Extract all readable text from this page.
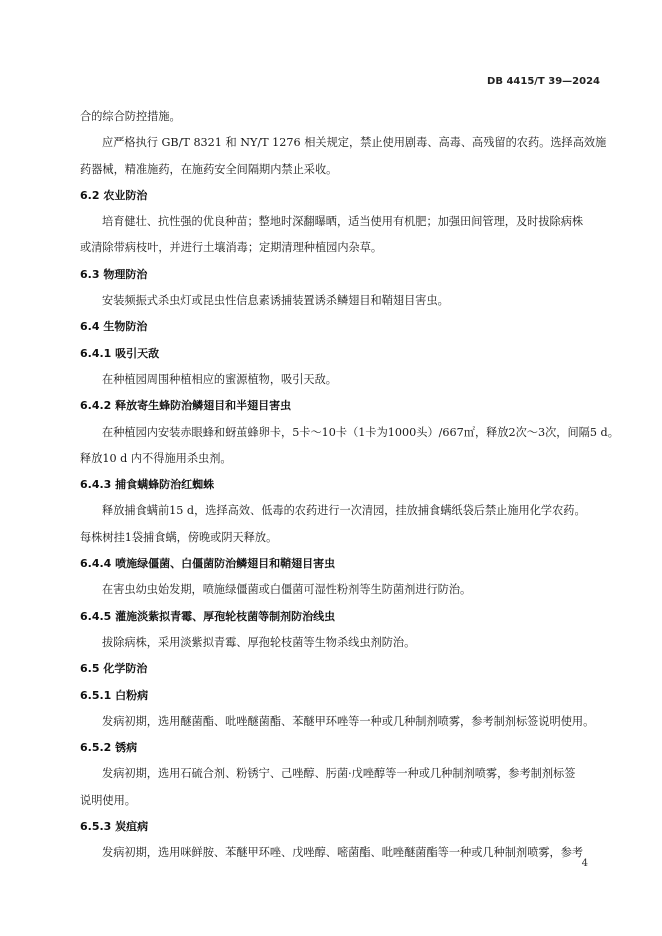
DB 4415/T 39—2024
合的综合防控措施。
应严格执行 GB/T 8321 和 NY/T 1276 相关规定，禁止使用剧毒、高毒、高残留的农药。选择高效施
药器械，精准施药，在施药安全间隔期内禁止采收。
6.2 农业防治
培育健壮、抗性强的优良种苗；整地时深翻曝晒，适当使用有机肥；加强田间管理，及时拔除病株
或清除带病枝叶，并进行土壤消毒；定期清理种植园内杂草。
6.3 物理防治
安装频振式杀虫灯或昆虫性信息素诱捕装置诱杀鳞翅目和鞘翅目害虫。
6.4 生物防治
6.4.1 吸引天敌
在种植园周围种植相应的蜜源植物，吸引天敌。
6.4.2 释放寄生蜂防治鳞翅目和半翅目害虫
在种植园内安装赤眼蜂和蚜茧蜂卵卡，5卡～10卡（1卡为1000头）/667㎡，释放2次～3次，间隔5 d。
释放10 d 内不得施用杀虫剂。
6.4.3 捕食螨蜂防治红蜘蛛
释放捕食螨前15 d，选择高效、低毒的农药进行一次清园，挂放捕食螨纸袋后禁止施用化学农药。
每株树挂1袋捕食螨，傍晚或阴天释放。
6.4.4 喷施绿僵菌、白僵菌防治鳞翅目和鞘翅目害虫
在害虫幼虫始发期，喷施绿僵菌或白僵菌可湿性粉剂等生防菌剂进行防治。
6.4.5 灌施淡紫拟青霉、厚孢轮枝菌等制剂防治线虫
拔除病株，采用淡紫拟青霉、厚孢轮枝菌等生物杀线虫剂防治。
6.5 化学防治
6.5.1 白粉病
发病初期，选用醚菌酯、吡唑醚菌酯、苯醚甲环唑等一种或几种制剂喷雾，参考制剂标签说明使用。
6.5.2 锈病
发病初期，选用石硫合剂、粉锈宁、己唑醇、肟菌·戊唑醇等一种或几种制剂喷雾，参考制剂标签
说明使用。
6.5.3 炭疽病
发病初期，选用咪鲜胺、苯醚甲环唑、戊唑醇、嘧菌酯、吡唑醚菌酯等一种或几种制剂喷雾，参考
4
